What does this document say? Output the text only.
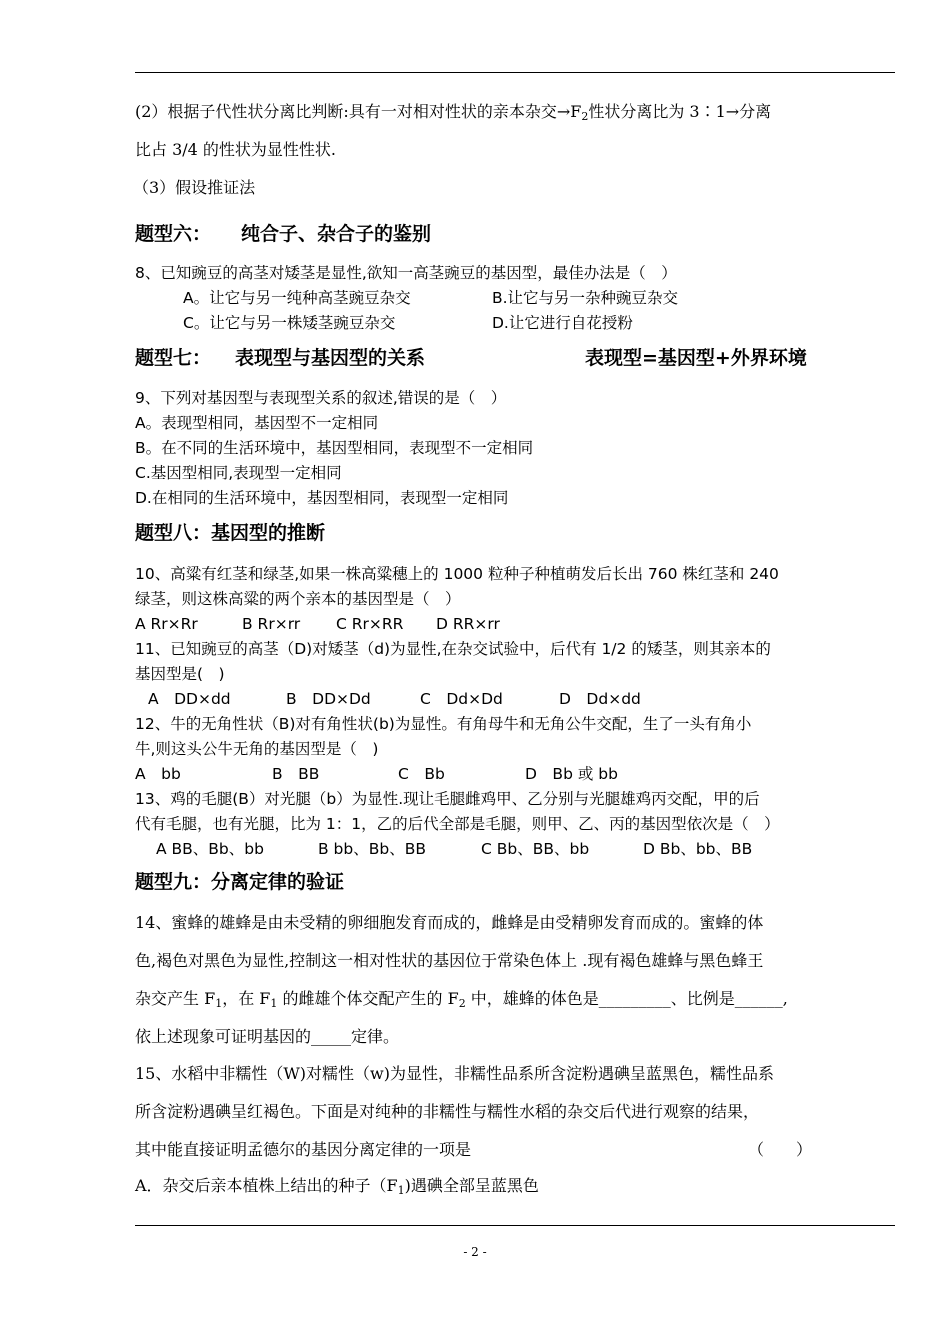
(2）根据子代性状分离比判断:具有一对相对性状的亲本杂交$\to F_2$性状分离比为 3∶1→分离
比占 3/4 的性状为显性性状.
（3）假设推证法
题型六： 纯合子、杂合子的鉴别
8、已知豌豆的高茎对矮茎是显性,欲知一高茎豌豆的基因型，最佳办法是（　）
A。让它与另一纯种高茎豌豆杂交	B.让它与另一杂种豌豆杂交
C。让它与另一株矮茎豌豆杂交	D.让它进行自花授粉
题型七： 表现型与基因型的关系	表现型=基因型+外界环境
9、下列对基因型与表现型关系的叙述,错误的是（　）
A。表现型相同，基因型不一定相同
B。在不同的生活环境中，基因型相同，表现型不一定相同
C.基因型相同,表现型一定相同
D.在相同的生活环境中，基因型相同，表现型一定相同
题型八：基因型的推断
10、高粱有红茎和绿茎,如果一株高粱穗上的 1000 粒种子种植萌发后长出 760 株红茎和 240
绿茎，则这株高粱的两个亲本的基因型是（　）
A Rr×Rr	B Rr×rr C Rr×RR D RR×rr
11、已知豌豆的高茎（D)对矮茎（d)为显性,在杂交试验中，后代有 1/2 的矮茎，则其亲本的
基因型是(　)
A　DD×dd	B　DD×Dd	C　Dd×Dd	D　Dd×dd
12、牛的无角性状（B)对有角性状(b)为显性。有角母牛和无角公牛交配，生了一头有角小
牛,则这头公牛无角的基因型是（　)
A　bb	B　BB	C　Bb	D　Bb 或 bb
13、鸡的毛腿(B）对光腿（b）为显性.现让毛腿雌鸡甲、乙分别与光腿雄鸡丙交配，甲的后
代有毛腿，也有光腿，比为 1：1，乙的后代全部是毛腿，则甲、乙、丙的基因型依次是（　）
A BB、Bb、bb	B bb、Bb、BB	C Bb、BB、bb	D Bb、bb、BB
题型九：分离定律的验证
14、蜜蜂的雄蜂是由未受精的卵细胞发育而成的，雌蜂是由受精卵发育而成的。蜜蜂的体
色,褐色对黑色为显性,控制这一相对性状的基因位于常染色体上 .现有褐色雄蜂与黑色蜂王
杂交产生 $F_1$，在 $F_1$ 的雌雄个体交配产生的 $F_2$ 中，雄蜂的体色是_________、比例是______,
依上述现象可证明基因的_____定律。
15、水稻中非糯性（W)对糯性（w)为显性，非糯性品系所含淀粉遇碘呈蓝黑色，糯性品系
所含淀粉遇碘呈红褐色。下面是对纯种的非糯性与糯性水稻的杂交后代进行观察的结果，
其中能直接证明孟德尔的基因分离定律的一项是	（　　）
A．杂交后亲本植株上结出的种子$(F_1)$遇碘全部呈蓝黑色
- 2 -
